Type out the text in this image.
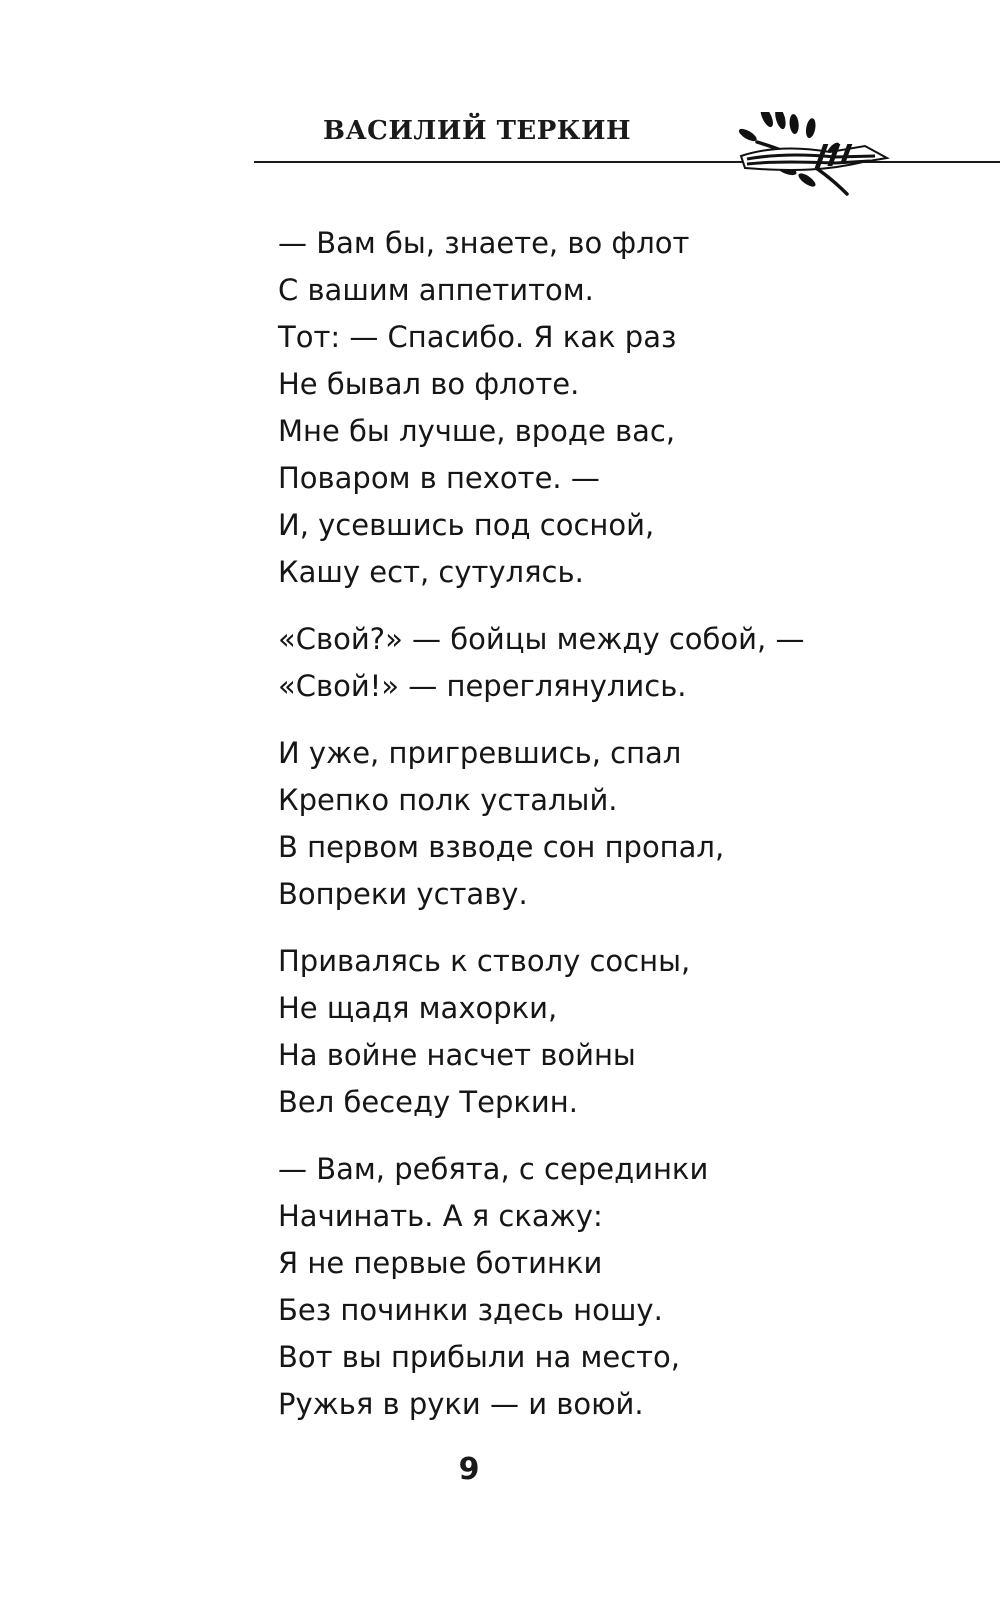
ВАСИЛИЙ ТЕРКИН
— Вам бы, знаете, во флот
С вашим аппетитом.
Тот: — Спасибо. Я как раз
Не бывал во флоте.
Мне бы лучше, вроде вас,
Поваром в пехоте. —
И, усевшись под сосной,
Кашу ест, сутулясь.
«Свой?» — бойцы между собой, —
«Свой!» — переглянулись.
И уже, пригревшись, спал
Крепко полк усталый.
В первом взводе сон пропал,
Вопреки уставу.
Привалясь к стволу сосны,
Не щадя махорки,
На войне насчет войны
Вел беседу Теркин.
— Вам, ребята, с серединки
Начинать. А я скажу:
Я не первые ботинки
Без починки здесь ношу.
Вот вы прибыли на место,
Ружья в руки — и воюй.
9
